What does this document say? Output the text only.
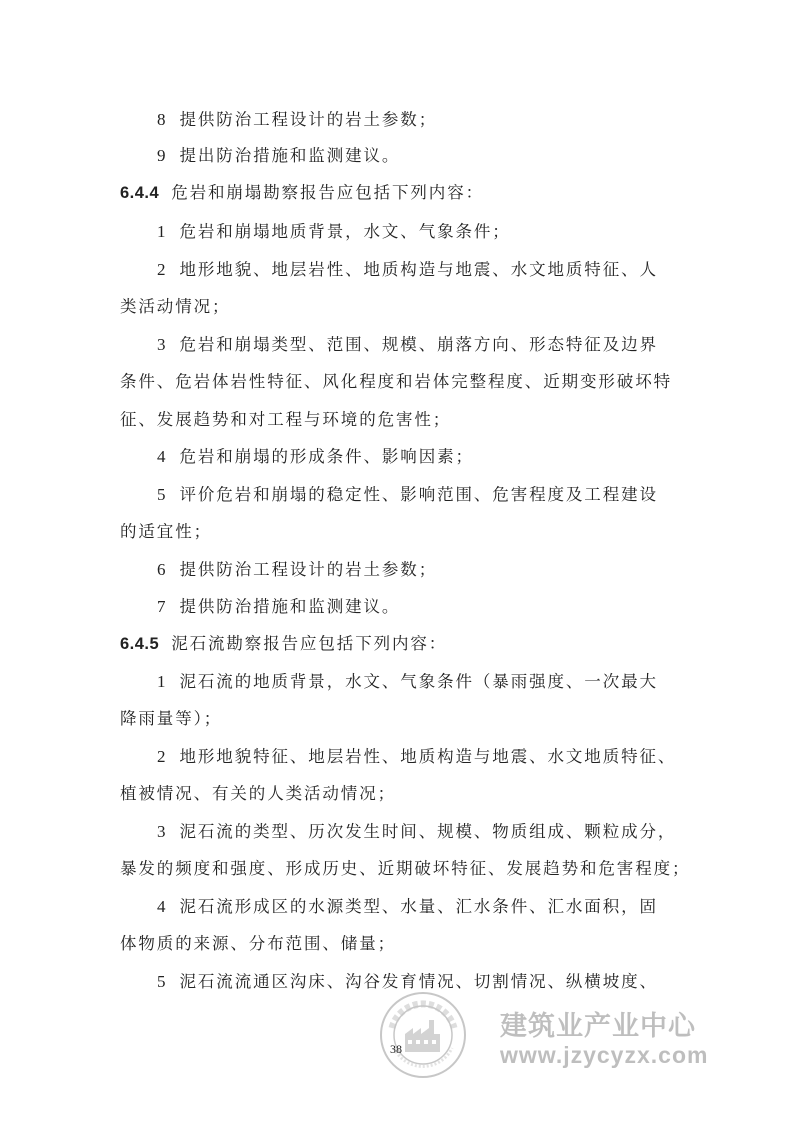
8 提供防治工程设计的岩土参数；
9 提出防治措施和监测建议。
6.4.4 危岩和崩塌勘察报告应包括下列内容：
1 危岩和崩塌地质背景，水文、气象条件；
2 地形地貌、地层岩性、地质构造与地震、水文地质特征、人
类活动情况；
3 危岩和崩塌类型、范围、规模、崩落方向、形态特征及边界
条件、危岩体岩性特征、风化程度和岩体完整程度、近期变形破坏特
征、发展趋势和对工程与环境的危害性；
4 危岩和崩塌的形成条件、影响因素；
5 评价危岩和崩塌的稳定性、影响范围、危害程度及工程建设
的适宜性；
6 提供防治工程设计的岩土参数；
7 提供防治措施和监测建议。
6.4.5 泥石流勘察报告应包括下列内容：
1 泥石流的地质背景，水文、气象条件（暴雨强度、一次最大
降雨量等）；
2 地形地貌特征、地层岩性、地质构造与地震、水文地质特征、
植被情况、有关的人类活动情况；
3 泥石流的类型、历次发生时间、规模、物质组成、颗粒成分，
暴发的频度和强度、形成历史、近期破坏特征、发展趋势和危害程度；
4 泥石流形成区的水源类型、水量、汇水条件、汇水面积，固
体物质的来源、分布范围、储量；
5 泥石流流通区沟床、沟谷发育情况、切割情况、纵横坡度、
建筑业产业中心
www.jzycyzx.com
38
